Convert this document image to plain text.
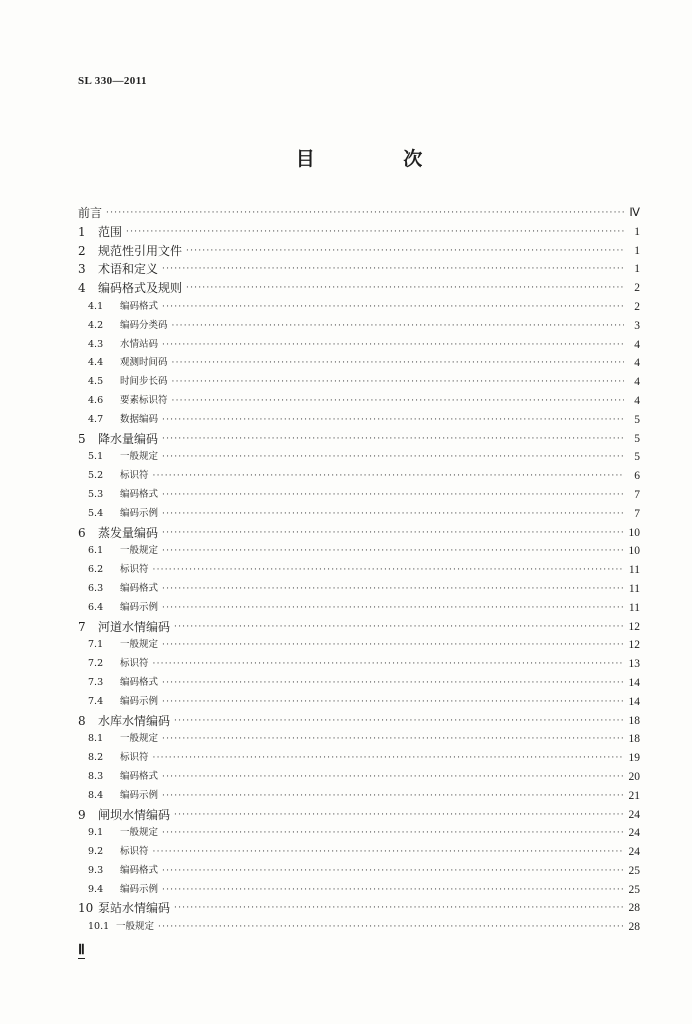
SL 330—2011
目 次
前言 ·····	Ⅳ
1	范围 ·····	1
2	规范性引用文件 ·····	1
3	术语和定义 ·····	1
4	编码格式及规则 ·····	2
4.1	编码格式 ·····	2
4.2	编码分类码 ·····	3
4.3	水情站码 ·····	4
4.4	观测时间码 ·····	4
4.5	时间步长码 ·····	4
4.6	要素标识符 ·····	4
4.7	数据编码 ·····	5
5	降水量编码 ·····	5
5.1	一般规定 ·····	5
5.2	标识符 ·····	6
5.3	编码格式 ·····	7
5.4	编码示例 ·····	7
6	蒸发量编码 ·····	10
6.1	一般规定 ·····	10
6.2	标识符 ·····	11
6.3	编码格式 ·····	11
6.4	编码示例 ·····	11
7	河道水情编码 ·····	12
7.1	一般规定 ·····	12
7.2	标识符 ·····	13
7.3	编码格式 ·····	14
7.4	编码示例 ·····	14
8	水库水情编码 ·····	18
8.1	一般规定 ·····	18
8.2	标识符 ·····	19
8.3	编码格式 ·····	20
8.4	编码示例 ·····	21
9	闸坝水情编码 ·····	24
9.1	一般规定 ·····	24
9.2	标识符 ·····	24
9.3	编码格式 ·····	25
9.4	编码示例 ·····	25
10 泵站水情编码 ·····	28
10.1 一般规定 ·····	28
Ⅱ
